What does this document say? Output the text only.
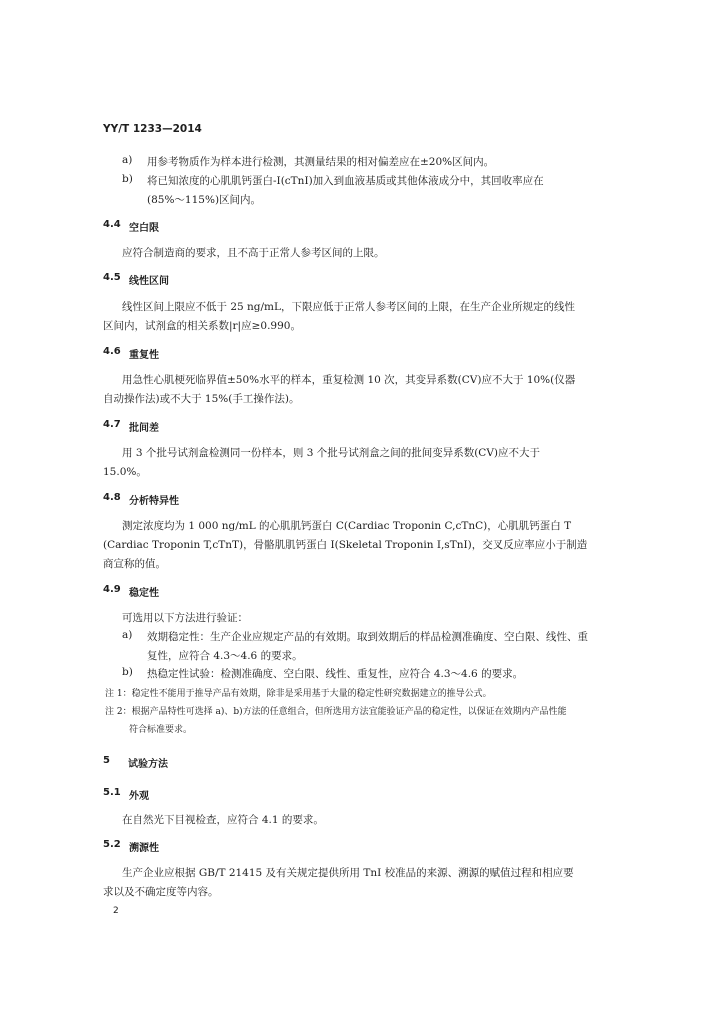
YY/T 1233—2014
a) 用参考物质作为样本进行检测，其测量结果的相对偏差应在±20%区间内。
b) 将已知浓度的心肌肌钙蛋白-I(cTnI)加入到血液基质或其他体液成分中，其回收率应在
(85%～115%)区间内。
4.4 空白限
应符合制造商的要求，且不高于正常人参考区间的上限。
4.5 线性区间
线性区间上限应不低于 25 ng/mL，下限应低于正常人参考区间的上限，在生产企业所规定的线性
区间内，试剂盒的相关系数|r|应≥0.990。
4.6 重复性
用急性心肌梗死临界值±50%水平的样本，重复检测 10 次，其变异系数(CV)应不大于 10%(仪器
自动操作法)或不大于 15%(手工操作法)。
4.7 批间差
用 3 个批号试剂盒检测同一份样本，则 3 个批号试剂盒之间的批间变异系数(CV)应不大于
15.0%。
4.8 分析特异性
测定浓度均为 1 000 ng/mL 的心肌肌钙蛋白 C(Cardiac Troponin C,cTnC)，心肌肌钙蛋白 T
(Cardiac Troponin T,cTnT)，骨骼肌肌钙蛋白 I(Skeletal Troponin I,sTnI)，交叉反应率应小于制造
商宣称的值。
4.9 稳定性
可选用以下方法进行验证：
a) 效期稳定性：生产企业应规定产品的有效期。取到效期后的样品检测准确度、空白限、线性、重
复性，应符合 4.3～4.6 的要求。
b) 热稳定性试验：检测准确度、空白限、线性、重复性，应符合 4.3～4.6 的要求。
注 1：稳定性不能用于推导产品有效期，除非是采用基于大量的稳定性研究数据建立的推导公式。
注 2：根据产品特性可选择 a)、b)方法的任意组合，但所选用方法宜能验证产品的稳定性，以保证在效期内产品性能
符合标准要求。
5 试验方法
5.1 外观
在自然光下目视检查，应符合 4.1 的要求。
5.2 溯源性
生产企业应根据 GB/T 21415 及有关规定提供所用 TnI 校准品的来源、溯源的赋值过程和相应要
求以及不确定度等内容。
2
